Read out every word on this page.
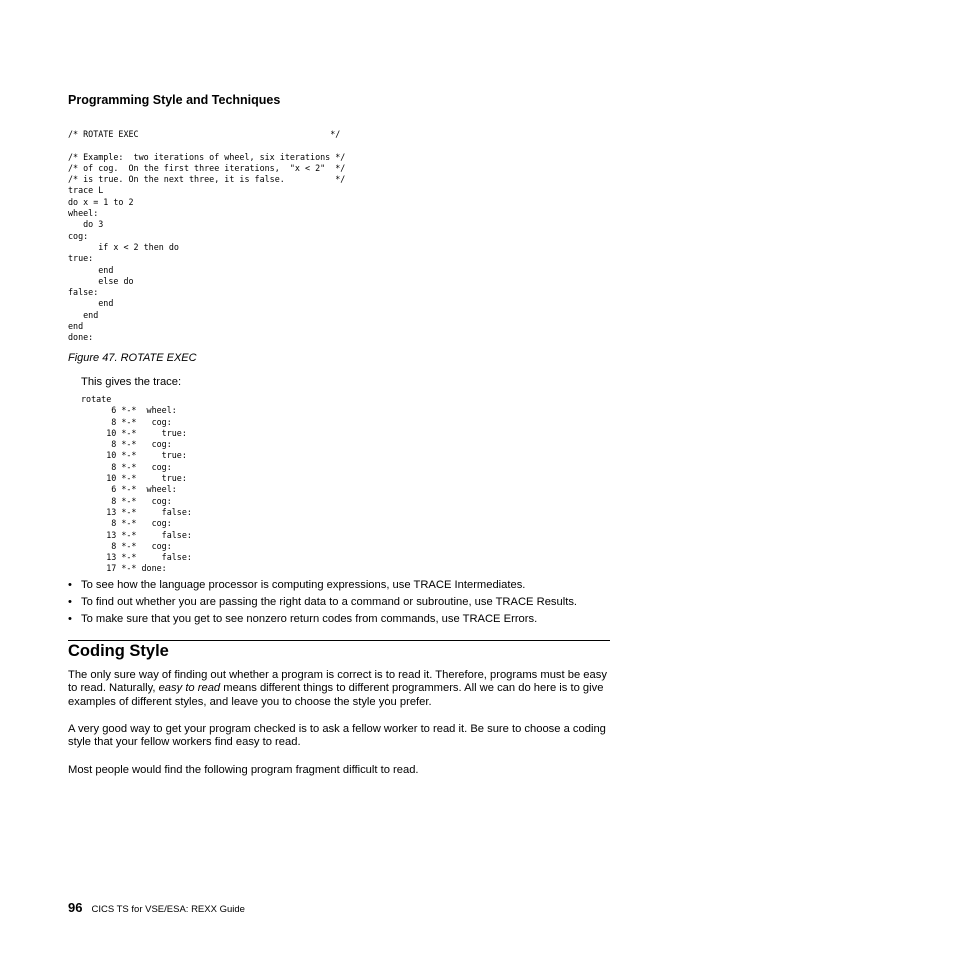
Programming Style and Techniques
/* ROTATE EXEC                                      */

/* Example:  two iterations of wheel, six iterations */
/* of cog.  On the first three iterations,  "x < 2"  */
/* is true. On the next three, it is false.          */
trace L
do x = 1 to 2
wheel:
do 3
cog:
if x < 2 then do
true:
end
else do
false:
end
end
end
done:

Figure 47. ROTATE EXEC

This gives the trace:

rotate
6 *-*  wheel:
8 *-*   cog:
10 *-*     true:
8 *-*   cog:
10 *-*     true:
8 *-*   cog:
10 *-*     true:
6 *-*  wheel:
8 *-*   cog:
13 *-*     false:
8 *-*   cog:
13 *-*     false:
8 *-*   cog:
13 *-*     false:
17 *-* done:
• To see how the language processor is computing expressions, use TRACE Intermediates.
• To find out whether you are passing the right data to a command or subroutine, use TRACE Results.
• To make sure that you get to see nonzero return codes from commands, use TRACE Errors.
Coding Style

The only sure way of finding out whether a program is correct is to read it. Therefore, programs must be easy to read. Naturally, easy to read means different things to different programmers. All we can do here is to give examples of different styles, and leave you to choose the style you prefer.

A very good way to get your program checked is to ask a fellow worker to read it. Be sure to choose a coding style that your fellow workers find easy to read.

Most people would find the following program fragment difficult to read.

96 CICS TS for VSE/ESA: REXX Guide
